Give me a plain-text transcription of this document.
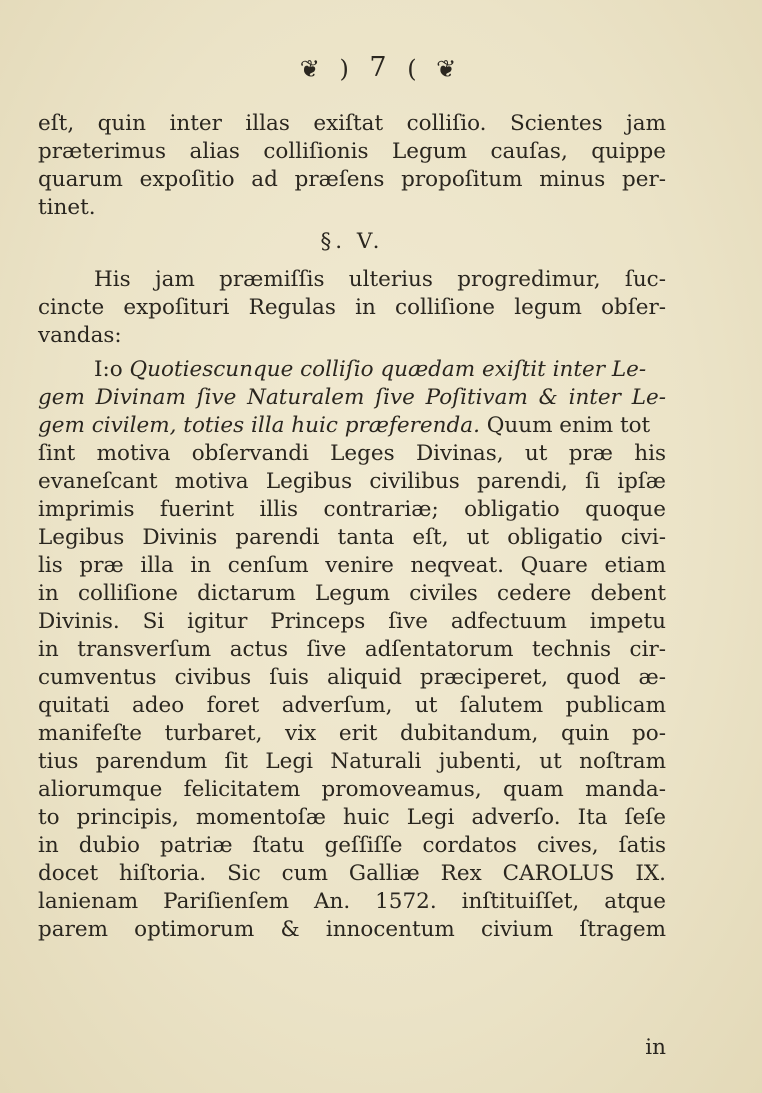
❦ ) 7 ( ❦
eſt, quin inter illas exiſtat colliſio. Scientes jam
præterimus alias colliſionis Legum cauſas, quippe
quarum expoſitio ad præſens propoſitum minus per-
tinet.
§. V.
His jam præmiſſis ulterius progredimur, ſuc-
cincte expoſituri Regulas in colliſione legum obſer-
vandas:
I:o Quotiescunque colliſio quædam exiſtit inter Le-
gem Divinam ſive Naturalem ſive Poſitivam & inter Le-
gem civilem, toties illa huic præferenda. Quum enim tot
ſint motiva obſervandi Leges Divinas, ut præ his
evaneſcant motiva Legibus civilibus parendi, ſi ipſæ
imprimis fuerint illis contrariæ; obligatio quoque
Legibus Divinis parendi tanta eſt, ut obligatio civi-
lis præ illa in cenſum venire neqveat. Quare etiam
in colliſione dictarum Legum civiles cedere debent
Divinis. Si igitur Princeps ſive adfectuum impetu
in transverſum actus ſive adſentatorum technis cir-
cumventus civibus ſuis aliquid præciperet, quod æ-
quitati adeo foret adverſum, ut ſalutem publicam
manifeſte turbaret, vix erit dubitandum, quin po-
tius parendum ſit Legi Naturali jubenti, ut noſtram
aliorumque felicitatem promoveamus, quam manda-
to principis, momentoſæ huic Legi adverſo. Ita ſeſe
in dubio patriæ ſtatu geſſiſſe cordatos cives, ſatis
docet hiſtoria. Sic cum Galliæ Rex CAROLUS IX.
lanienam Pariſienſem An. 1572. inſtituiſſet, atque
parem optimorum & innocentum civium ſtragem
in
